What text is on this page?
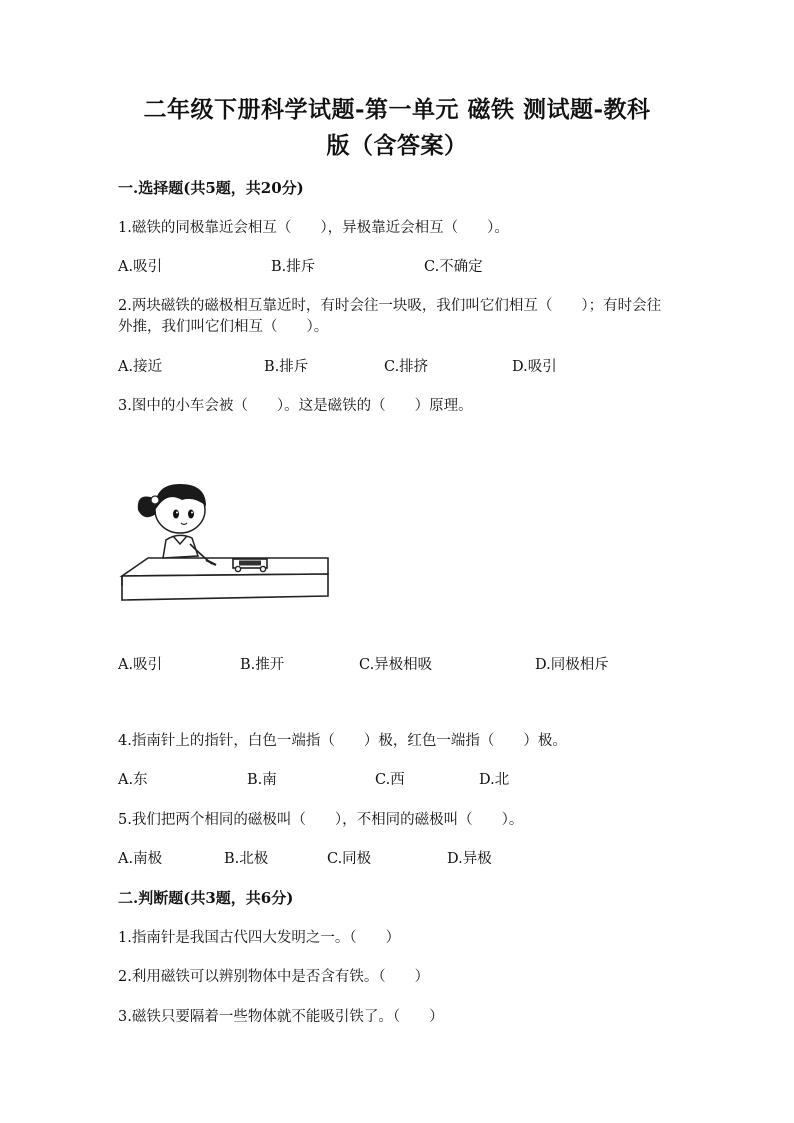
二年级下册科学试题-第一单元 磁铁 测试题-教科
版（含答案）
一.选择题(共5题，共20分)
1.磁铁的同极靠近会相互（　　），异极靠近会相互（　　）。
A.吸引	B.排斥	C.不确定
2.两块磁铁的磁极相互靠近时，有时会往一块吸，我们叫它们相互（　　）；有时会往外推，我们叫它们相互（　　）。
A.接近	B.排斥	C.排挤	D.吸引
3.图中的小车会被（　　）。这是磁铁的（　　）原理。
A.吸引	B.推开	C.异极相吸	D.同极相斥
4.指南针上的指针，白色一端指（　　）极，红色一端指（　　）极。
A.东	B.南	C.西	D.北
5.我们把两个相同的磁极叫（　　），不相同的磁极叫（　　）。
A.南极	B.北极	C.同极	D.异极
二.判断题(共3题，共6分)
1.指南针是我国古代四大发明之一。（　　）
2.利用磁铁可以辨别物体中是否含有铁。（　　）
3.磁铁只要隔着一些物体就不能吸引铁了。（　　）
